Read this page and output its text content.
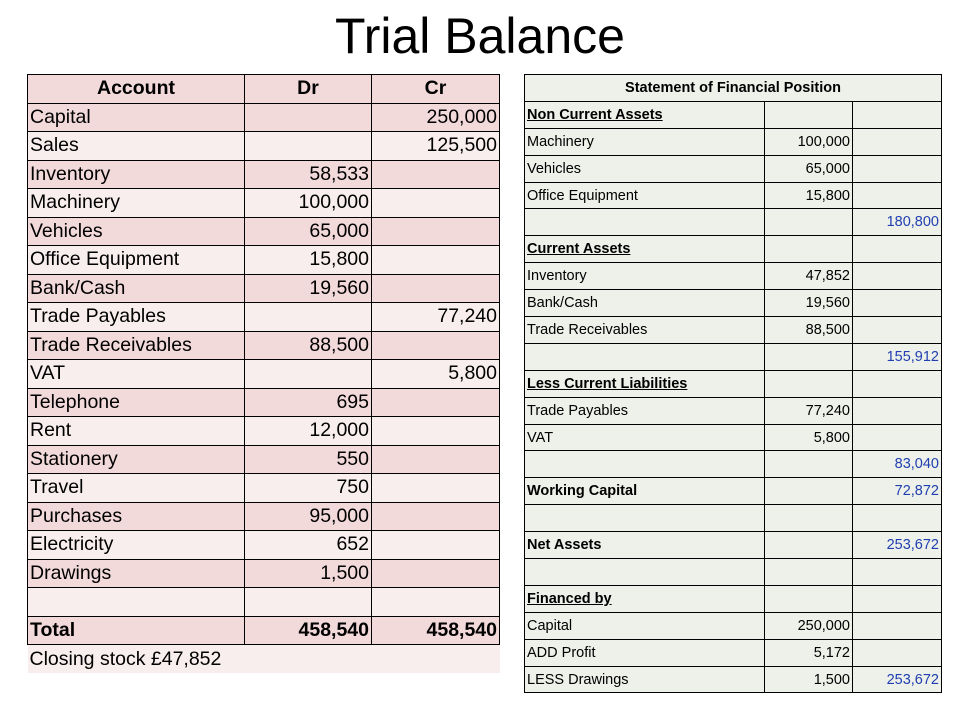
Trial Balance
Account	Dr	Cr
Capital		250,000
Sales		125,500
Inventory	58,533	
Machinery	100,000	
Vehicles	65,000	
Office Equipment	15,800	
Bank/Cash	19,560	
Trade Payables		77,240
Trade Receivables	88,500	
VAT		5,800
Telephone	695	
Rent	12,000	
Stationery	550	
Travel	750	
Purchases	95,000	
Electricity	652	
Drawings	1,500	

Total	458,540	458,540
Closing stock £47,852		
Statement of Financial Position		
Non Current Assets		
Machinery	100,000	
Vehicles	65,000	
Office Equipment	15,800	
		180,800
Current Assets		
Inventory	47,852	
Bank/Cash	19,560	
Trade Receivables	88,500	
		155,912
Less Current Liabilities		
Trade Payables	77,240	
VAT	5,800	
		83,040
Working Capital		72,872

Net Assets		253,672

Financed by		
Capital	250,000	
ADD Profit	5,172	
LESS Drawings	1,500	253,672
